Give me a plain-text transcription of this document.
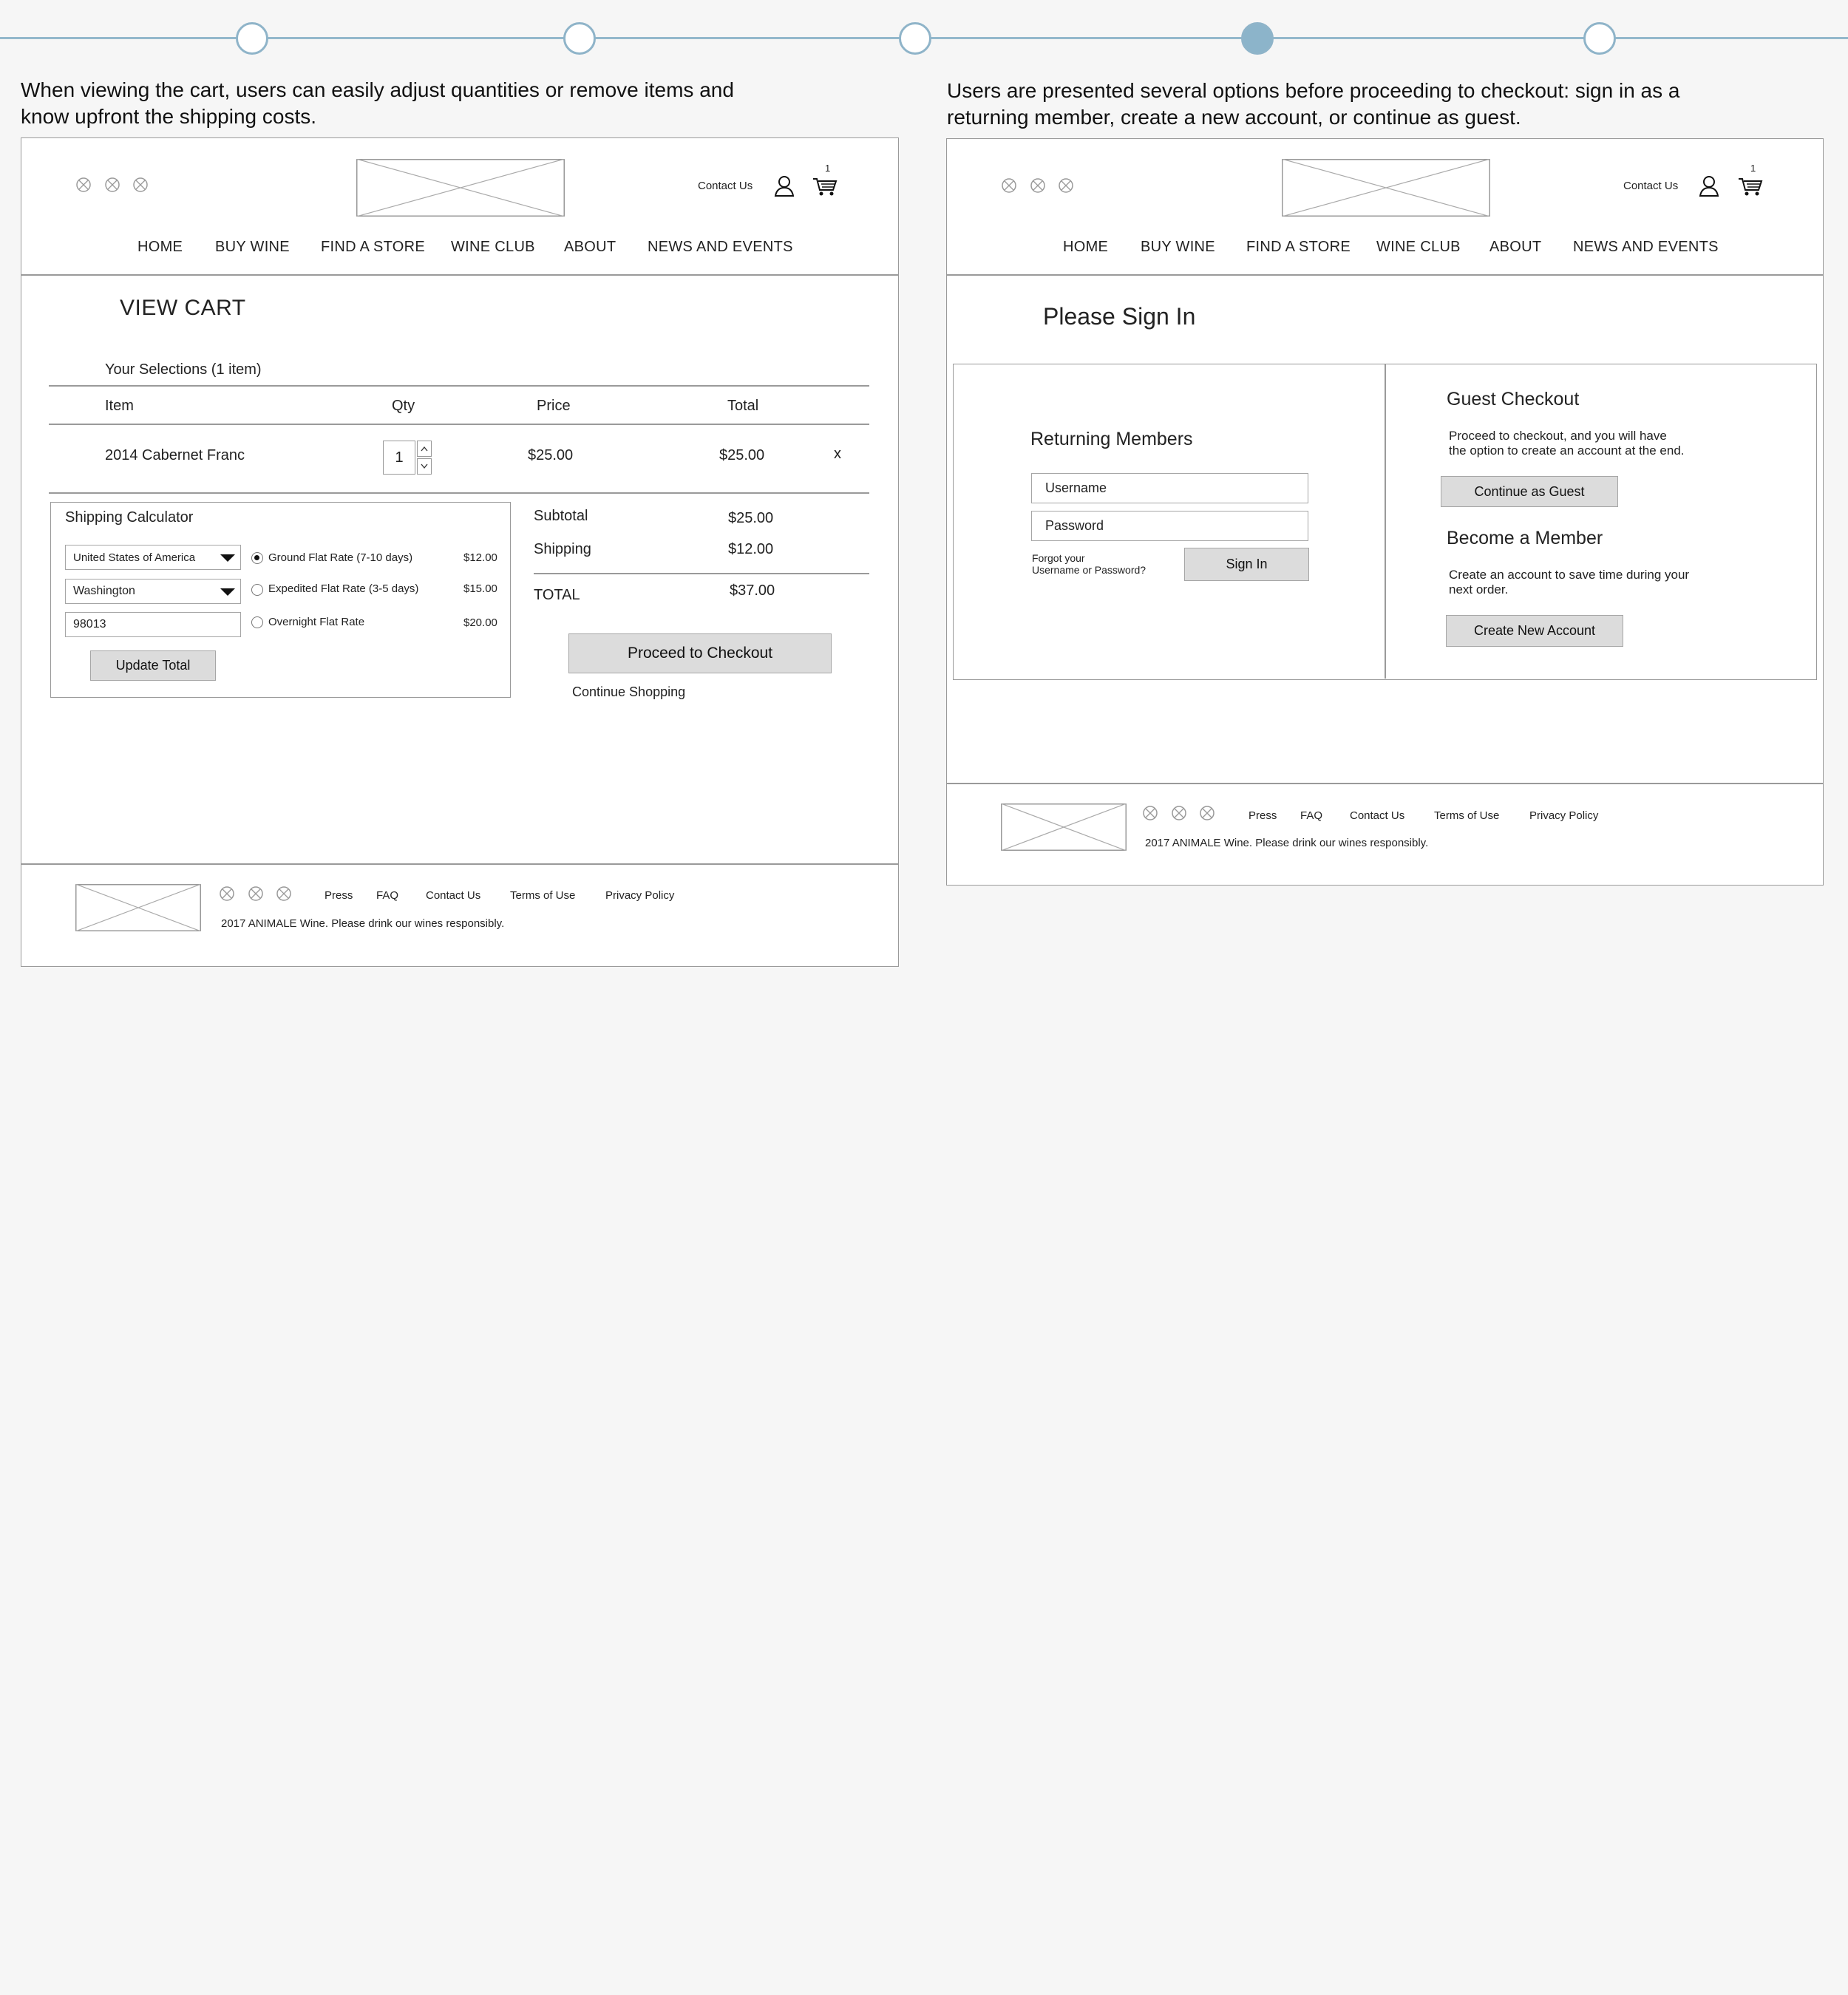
When viewing the cart, users can easily adjust quantities or remove items and
know upfront the shipping costs.
Users are presented several options before proceeding to checkout: sign in as a
returning member, create a new account, or continue as guest.
Contact Us
1
HOME BUY WINE FIND A STORE WINE CLUB ABOUT NEWS AND EVENTS
VIEW CART
Your Selections (1 item)
Item	Qty	Price	Total
2014 Cabernet Franc	1	$25.00	$25.00	x
Shipping Calculator
United States of America
Washington
98013
Ground Flat Rate (7-10 days)	$12.00
Expedited Flat Rate (3-5 days)	$15.00
Overnight Flat Rate	$20.00
Update Total
Subtotal	$25.00
Shipping	$12.00
TOTAL	$37.00
Proceed to Checkout
Continue Shopping
Press FAQ Contact Us	Terms of Use	Privacy Policy
2017 ANIMALE Wine. Please drink our wines responsibly.
Contact Us
1
HOME BUY WINE FIND A STORE WINE CLUB ABOUT NEWS AND EVENTS
Please Sign In
Returning Members
Username
Password
Forgot your
Username or Password?	Sign In
Guest Checkout
Proceed to checkout, and you will have
the option to create an account at the end.
Continue as Guest
Become a Member
Create an account to save time during your
next order.
Create New Account
Press FAQ Contact Us	Terms of Use	Privacy Policy
2017 ANIMALE Wine. Please drink our wines responsibly.
